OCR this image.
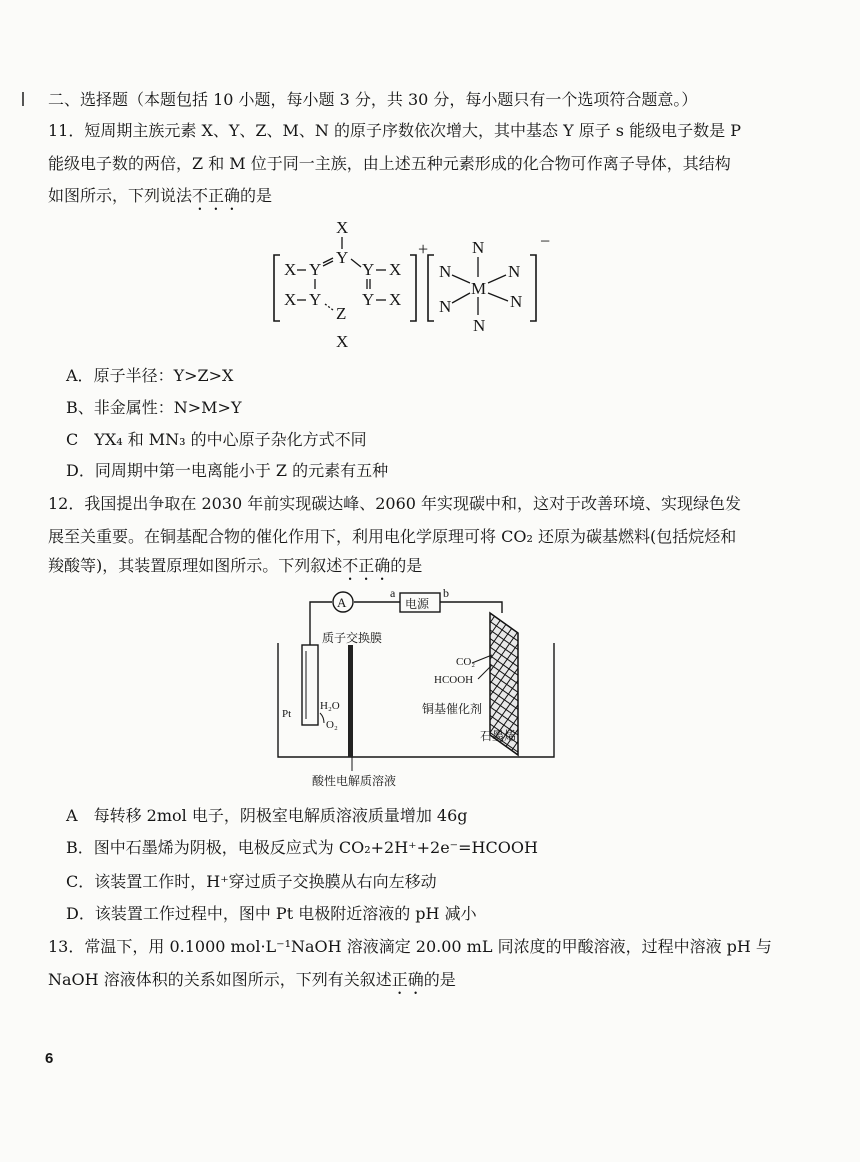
二、选择题（本题包括 10 小题，每小题 3 分，共 30 分，每小题只有一个选项符合题意。）
11．短周期主族元素 X、Y、Z、M、N 的原子序数依次增大，其中基态 Y 原子 s 能级电子数是 P
能级电子数的两倍，Z 和 M 位于同一主族，由上述五种元素形成的化合物可作离子导体，其结构
如图所示，下列说法不正确的是
+
X
X Y
Y
Y X
X Y
Z
Y X
X
−
N
N	N
M
N	N
N
A．原子半径：Y>Z>X
B、非金属性：N>M>Y
C　YX₄ 和 MN₃ 的中心原子杂化方式不同
D．同周期中第一电离能小于 Z 的元素有五种
12．我国提出争取在 2030 年前实现碳达峰、2060 年实现碳中和，这对于改善环境、实现绿色发
展至关重要。在铜基配合物的催化作用下，利用电化学原理可将 CO₂ 还原为碳基燃料(包括烷烃和
羧酸等)，其装置原理如图所示。下列叙述不正确的是
A	电源
a	b
Pt
H₂O
O₂
质子交换膜
CO₂
HCOOH
铜基催化剂
石墨烯
酸性电解质溶液
A　每转移 2mol 电子，阴极室电解质溶液质量增加 46g
B．图中石墨烯为阴极，电极反应式为 CO₂+2H⁺+2e⁻=HCOOH
C．该装置工作时，H⁺穿过质子交换膜从右向左移动
D．该装置工作过程中，图中 Pt 电极附近溶液的 pH 减小
13．常温下，用 0.1000 mol·L⁻¹NaOH 溶液滴定 20.00 mL 同浓度的甲酸溶液，过程中溶液 pH 与
NaOH 溶液体积的关系如图所示，下列有关叙述正确的是
6
